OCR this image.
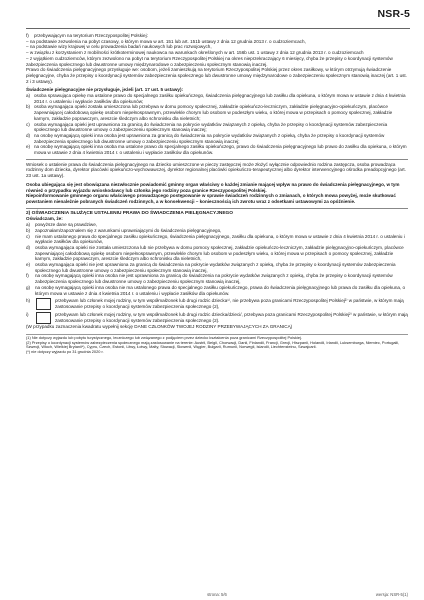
NSR-5
f)	przebywającym na terytorium Rzeczypospolitej Polskiej:

– na podstawie zezwolenia na pobyt czasowy, o którym mowa w art. 151 lub art. 151b ustawy z dnia 12 grudnia 2013 r. o cudzoziemcach,

– na podstawie wizy krajowej w celu prowadzenia badań naukowych lub prac rozwojowych,

– w związku z korzystaniem z mobilności krótkoterminowej naukowca na warunkach określonych w art. 156b ust. 1 ustawy z dnia 12 grudnia 2013 r. o cudzoziemcach

– z wyjątkiem cudzoziemców, którym zezwolono na pobyt na terytorium Rzeczypospolitej Polskiej na okres nieprzekraczający 6 miesięcy, chyba że przepisy o koordynacji systemów zabezpieczenia społecznego lub dwustronne umowy międzynarodowe o zabezpieczeniu społecznym stanowią inaczej.

Prawo do świadczenia pielęgnacyjnego przysługuje we: osobom, jeżeli zamieszkują na terytorium Rzeczypospolitej Polskiej przez okres zasiłkowy, w którym otrzymują świadczenie pielęgnacyjne, chyba że przepisy o koordynacji systemów zabezpieczenia społecznego lub dwustronne umowy międzynarodowe o zabezpieczeniu społecznym stanowią inaczej (art. 1 ust. 2 i 3 ustawy).

Świadczenie pielęgnacyjne nie przysługuje, jeżeli (art. 17 ust. 5 ustawy):

a) osoba sprawująca opiekę ma ustalone prawo do specjalnego zasiłku opiekuńczego, świadczenia pielęgnacyjnego lub zasiłku dla opiekuna, o którym mowa w ustawie z dnia 4 kwietnia 2014 r. o ustaleniu i wypłacie zasiłków dla opiekunów;
b) osoba wymagająca opieki została umieszczona lub przebywa w domu pomocy społecznej, zakładzie opiekuńczo-leczniczym, zakładzie pielęgnacyjno-opiekuńczym, placówce zapewniającej całodobową opiekę osobom niepełnosprawnym, przewlekle chorym lub osobom w podeszłym wieku, o której mowa w przepisach o pomocy społecznej, zakładzie karnym, zakładzie poprawczym, areszcie śledczym albo schronisku dla nieletnich;
c) osoba wymagająca opieki jest uprawniona za granicą do świadczenia na pokrycie wydatków związanych z opieką, chyba że przepisy o koordynacji systemów zabezpieczenia społecznego lub dwustronne umowy o zabezpieczeniu społecznym stanowią inaczej;
d) na osobę wymagającą opieki inna osoba jest uprawniona za granicą do świadczenia na pokrycie wydatków związanych z opieką, chyba że przepisy o koordynacji systemów zabezpieczenia społecznego lub dwustronne umowy o zabezpieczeniu społecznym stanowią inaczej;
e) na osobę wymagającą opieki inna osoba ma ustalone prawo do specjalnego zasiłku opiekuńczego, prawo do świadczenia pielęgnacyjnego lub prawo do zasiłku dla opiekuna, o którym mowa w ustawie z dnia 4 kwietnia 2014 r. o ustaleniu i wypłacie zasiłków dla opiekunów.

Wniosek o ustalenie prawa do świadczenia pielęgnacyjnego na dziecko umieszczone w pieczy zastępczej może złożyć wyłącznie odpowiednio rodzina zastępcza, osoba prowadząca rodzinny dom dziecka, dyrektor placówki opiekuńczo-wychowawczej, dyrektor regionalnej placówki opiekuńczo-terapeutycznej albo dyrektor interwencyjnego ośrodka preadopcyjnego (art. 23 ust. 1a ustawy).

Osoba ubiegająca się jest obowiązana niezwłocznie powiadomić gminny organ właściwy o każdej zmianie mającej wpływ na prawo do świadczenia pielęgnacyjnego, w tym również o przypadku wyjazdu wnioskodawcy lub członka jego rodziny poza granice Rzeczypospolitej Polskiej.

Niepoinformowanie gminnego organu właściwego prowadzącego postępowanie w sprawie świadczeń rodzinnych o zmianach, o których mowa powyżej, może skutkować powstaniem nienależnie pobranych świadczeń rodzinnych, a w konsekwencji – koniecznością ich zwrotu wraz z odsetkami ustawowymi za opóźnienie.

2) OŚWIADCZENIA SŁUŻĄCE USTALENIU PRAWA DO ŚWIADCZENIA PIELĘGNACYJNEGO

Oświadczam, że:

a)	powyższe dane są prawdziwe,
b)	zapoznałam/zapoznałem się z warunkami uprawniającymi do świadczenia pielęgnacyjnego,
c)	nie mam ustalonego prawa do specjalnego zasiłku opiekuńczego, świadczenia pielęgnacyjnego, zasiłku dla opiekuna, o którym mowa w ustawie z dnia 4 kwietnia 2014 r. o ustaleniu i wypłacie zasiłków dla opiekunów,
d)	osoba wymagająca opieki nie została umieszczona lub nie przebywa w domu pomocy społecznej, zakładzie opiekuńczo-leczniczym, zakładzie pielęgnacyjno-opiekuńczym, placówce zapewniającej całodobową opiekę osobom niepełnosprawnym, przewlekle chorym lub osobom w podeszłym wieku, o której mowa w przepisach o pomocy społecznej, zakładzie karnym, zakładzie poprawczym, areszcie śledczym albo schronisku dla nieletnich,
e)	osoba wymagająca opieki nie jest uprawniona za granicą do świadczenia na pokrycie wydatków związanych z opieką, chyba że przepisy o koordynacji systemów zabezpieczenia społecznego lub dwustronne umowy o zabezpieczeniu społecznym stanowią inaczej,
f)	na osobę wymagającą opieki inna osoba nie jest uprawniona za granicą do świadczenia na pokrycie wydatków związanych z opieką, chyba że przepisy o koordynacji systemów zabezpieczenia społecznego lub dwustronne umowy o zabezpieczeniu społecznym stanowią inaczej,
g)	na osobę wymagającą opieki inna osoba nie ma ustalonego prawa do specjalnego zasiłku opiekuńczego, prawa do świadczenia pielęgnacyjnego lub prawa do zasiłku dla opiekuna, o którym mowa w ustawie z dnia 4 kwietnia 2014 r. o ustaleniu i wypłacie zasiłków dla opiekunów.
h)	przebywam lub członek mojej rodziny, w tym współmałżonek lub drugi rodzic dziecka¹⁾, nie przebywa poza granicami Rzeczypospolitej Polskiej²⁾ w państwie, w którym mają zastosowanie przepisy o koordynacji systemów zabezpieczenia społecznego (2),
i)	przebywam lub członek mojej rodziny, w tym współmałżonek lub drugi rodzic dziecka/dzieci/, przebywa poza granicami Rzeczypospolitej Polskiej²⁾ w państwie, w którym mają zastosowanie przepisy o koordynacji systemów zabezpieczenia społecznego (2).

(W przypadku zaznaczenia kwadratu wypełnij sekcję DANE CZŁONKÓW TWOJEJ RODZINY PRZEBYWAJĄCYCH ZA GRANICĄ)

(1) Nie dotyczy wyjazdu lub pobytu turystycznego, leczniczego lub związanego z podjęciem przez dziecko kształcenia poza granicami Rzeczypospolitej Polskiej.

(2) Przepisy o koordynacji systemów zabezpieczenia społecznego mają zastosowanie na terenie: Austrii, Belgii, Chorwacji, Danii, Finlandii, Francji, Grecji, Hiszpanii, Holandii, Irlandii, Luksemburga, Niemiec, Portugalii, Szwecji, Włoch, Wielkiej Brytanii*), Cypru, Czech, Estonii, Litwy, Łotwy, Malty, Słowacji, Słowenii, Węgier, Bułgarii, Rumunii, Norwegii, Islandii, Liechtensteinu, Szwajcarii.

(*) nie dotyczy wyjazdu po 31 grudnia 2020 r.

strona: 5/6	wersja: NSR-5(1)
